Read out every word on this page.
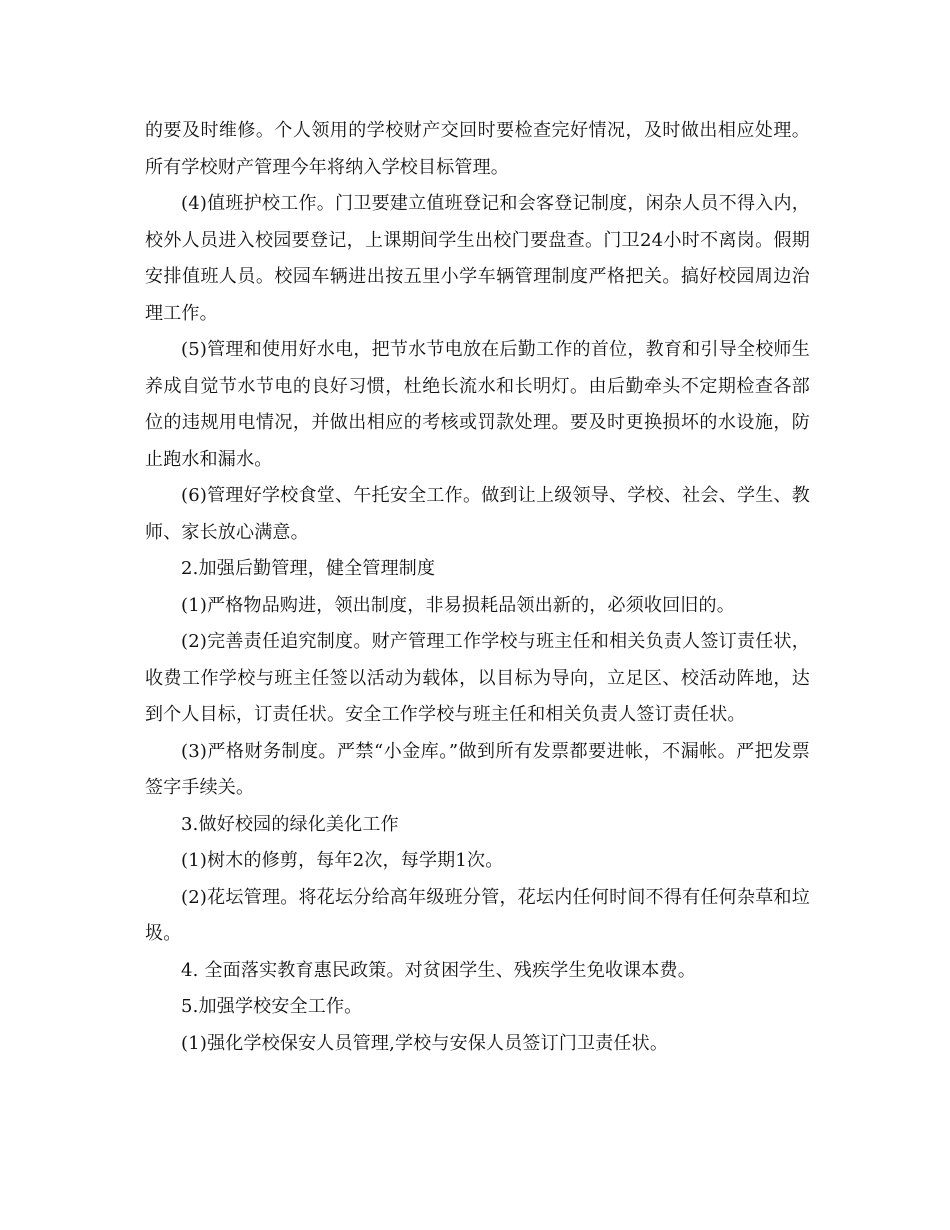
的要及时维修。个人领用的学校财产交回时要检查完好情况，及时做出相应处理。 所有学校财产管理今年将纳入学校目标管理。

(4)值班护校工作。门卫要建立值班登记和会客登记制度，闲杂人员不得入内，校外人员进入校园要登记，上课期间学生出校门要盘查。门卫24小时不离岗。假期安排值班人员。校园车辆进出按五里小学车辆管理制度严格把关。搞好校园周边治理工作。

(5)管理和使用好水电，把节水节电放在后勤工作的首位，教育和引导全校师生养成自觉节水节电的良好习惯，杜绝长流水和长明灯。由后勤牵头不定期检查各部位的违规用电情况，并做出相应的考核或罚款处理。要及时更换损坏的水设施，防止跑水和漏水。

(6)管理好学校食堂、午托安全工作。做到让上级领导、学校、社会、学生、教师、家长放心满意。

2.加强后勤管理，健全管理制度

(1)严格物品购进，领出制度，非易损耗品领出新的，必须收回旧的。

(2)完善责任追究制度。财产管理工作学校与班主任和相关负责人签订责任状，收费工作学校与班主任签以活动为载体，以目标为导向，立足区、校活动阵地，达到个人目标，订责任状。安全工作学校与班主任和相关负责人签订责任状。

(3)严格财务制度。严禁“小金库。”做到所有发票都要进帐，不漏帐。严把发票签字手续关。

3.做好校园的绿化美化工作

(1)树木的修剪，每年2次，每学期1次。

(2)花坛管理。将花坛分给高年级班分管，花坛内任何时间不得有任何杂草和垃圾。

4. 全面落实教育惠民政策。对贫困学生、残疾学生免收课本费。

5.加强学校安全工作。

(1)强化学校保安人员管理,学校与安保人员签订门卫责任状。
